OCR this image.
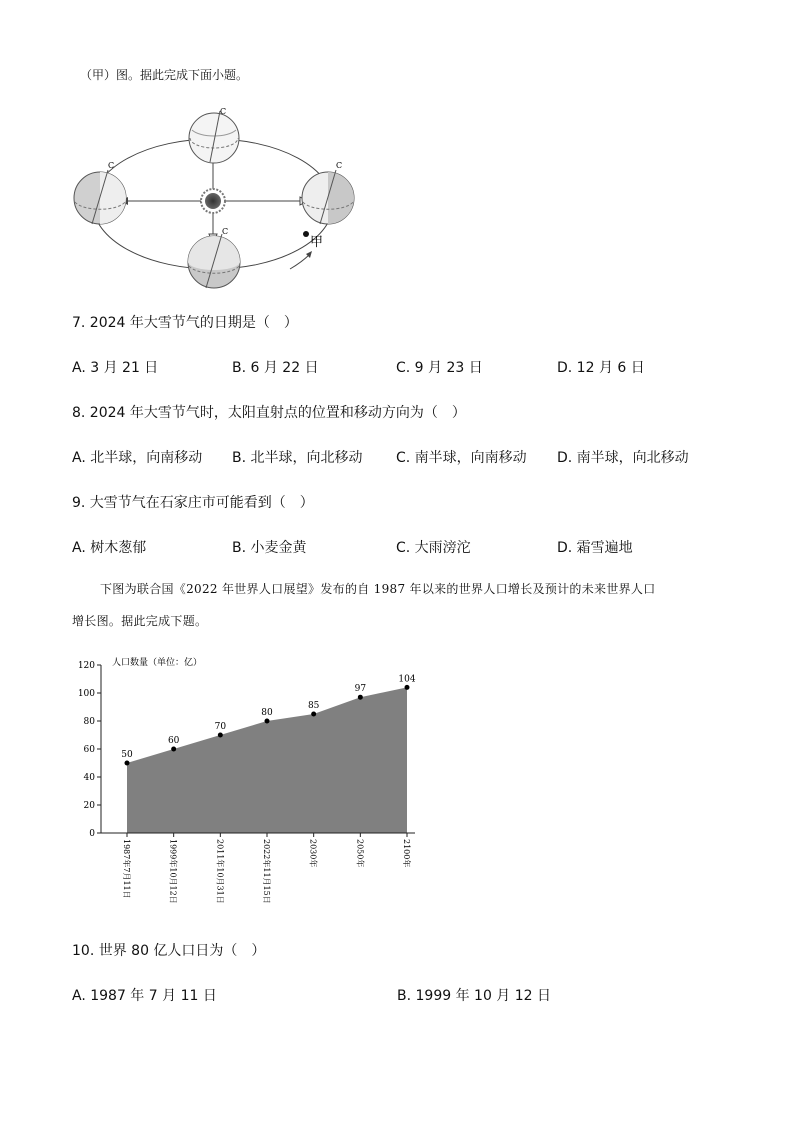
（甲）图。据此完成下面小题。
C
C	C
C
甲
7. 2024 年大雪节气的日期是（　）
A. 3 月 21 日	B. 6 月 22 日	C. 9 月 23 日	D. 12 月 6 日
8. 2024 年大雪节气时，太阳直射点的位置和移动方向为（　）
A. 北半球，向南移动 B. 北半球，向北移动 C. 南半球，向南移动 D. 南半球，向北移动
9. 大雪节气在石家庄市可能看到（　）
A. 树木葱郁	B. 小麦金黄	C. 大雨滂沱	D. 霜雪遍地
下图为联合国《2022 年世界人口展望》发布的自 1987 年以来的世界人口增长及预计的未来世界人口
增长图。据此完成下题。
0
20
40
60
80
100
120
1987年7月11日	1999年10月12日	2011年10月31日	2022年11月15日	2030年	2050年	2100年
50
60
70
80
85
97
104
人口数量（单位：亿）
10. 世界 80 亿人口日为（　）
A. 1987 年 7 月 11 日	B. 1999 年 10 月 12 日
